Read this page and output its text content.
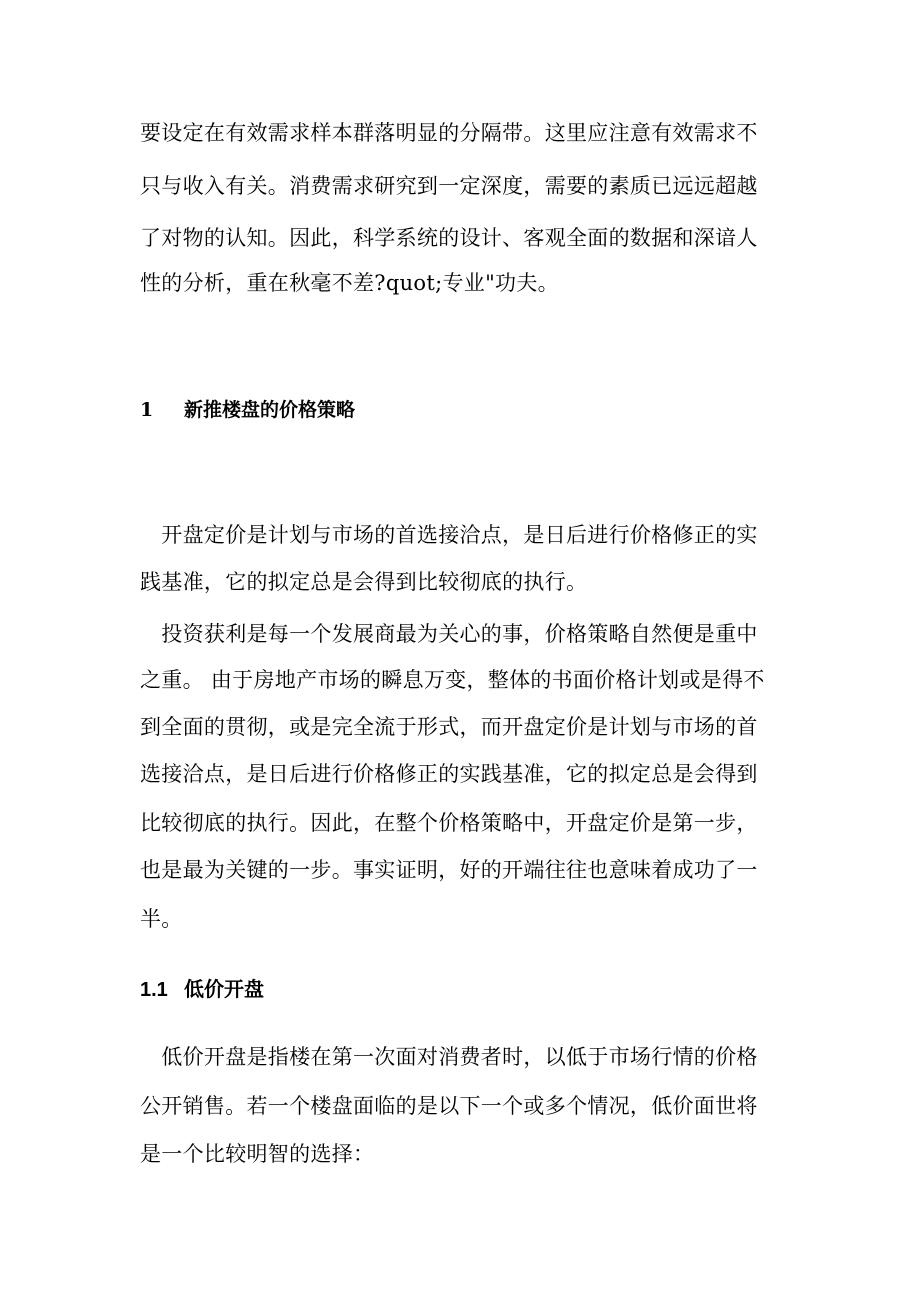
要设定在有效需求样本群落明显的分隔带。这里应注意有效需求不
只与收入有关。消费需求研究到一定深度，需要的素质已远远超越
了对物的认知。因此，科学系统的设计、客观全面的数据和深谙人
性的分析，重在秋毫不差?quot;专业"功夫。
1 新推楼盘的价格策略
　开盘定价是计划与市场的首选接洽点，是日后进行价格修正的实
践基准，它的拟定总是会得到比较彻底的执行。
　投资获利是每一个发展商最为关心的事，价格策略自然便是重中
之重。 由于房地产市场的瞬息万变，整体的书面价格计划或是得不
到全面的贯彻，或是完全流于形式，而开盘定价是计划与市场的首
选接洽点，是日后进行价格修正的实践基准，它的拟定总是会得到
比较彻底的执行。因此，在整个价格策略中，开盘定价是第一步，
也是最为关键的一步。事实证明，好的开端往往也意味着成功了一
半。
1.1 低价开盘
　低价开盘是指楼在第一次面对消费者时，以低于市场行情的价格
公开销售。若一个楼盘面临的是以下一个或多个情况，低价面世将
是一个比较明智的选择：
